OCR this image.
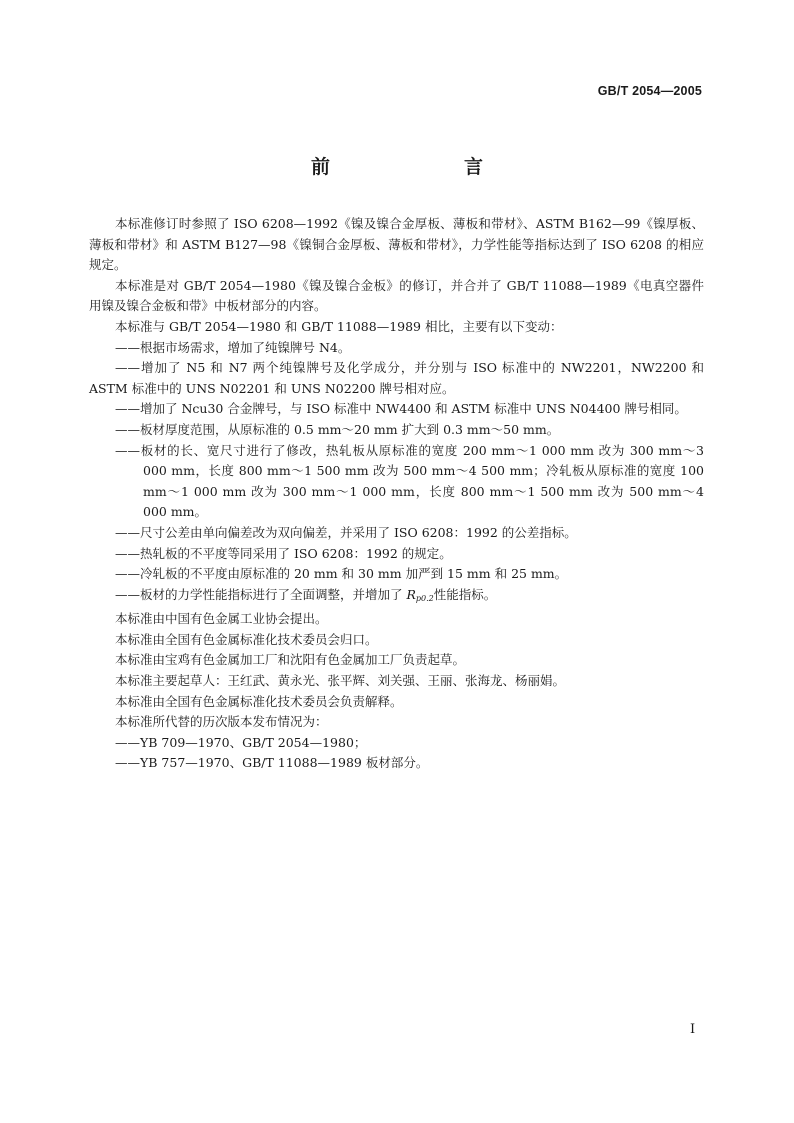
GB/T 2054—2005
前　　言

本标准修订时参照了 ISO 6208—1992《镍及镍合金厚板、薄板和带材》、ASTM B162—99《镍厚板、薄板和带材》和 ASTM B127—98《镍铜合金厚板、薄板和带材》，力学性能等指标达到了 ISO 6208 的相应规定。

本标准是对 GB/T 2054—1980《镍及镍合金板》的修订，并合并了 GB/T 11088—1989《电真空器件用镍及镍合金板和带》中板材部分的内容。

本标准与 GB/T 2054—1980 和 GB/T 11088—1989 相比，主要有以下变动：

——根据市场需求，增加了纯镍牌号 N4。

——增加了 N5 和 N7 两个纯镍牌号及化学成分，并分别与 ISO 标准中的 NW2201，NW2200 和 ASTM 标准中的 UNS N02201 和 UNS N02200 牌号相对应。

——增加了 Ncu30 合金牌号，与 ISO 标准中 NW4400 和 ASTM 标准中 UNS N04400 牌号相同。

——板材厚度范围，从原标准的 0.5 mm～20 mm 扩大到 0.3 mm～50 mm。

——板材的长、宽尺寸进行了修改，热轧板从原标准的宽度 200 mm～1 000 mm 改为 300 mm～3 000 mm，长度 800 mm～1 500 mm 改为 500 mm～4 500 mm；冷轧板从原标准的宽度 100 mm～1 000 mm 改为 300 mm～1 000 mm，长度 800 mm～1 500 mm 改为 500 mm～4 000 mm。

——尺寸公差由单向偏差改为双向偏差，并采用了 ISO 6208：1992 的公差指标。

——热轧板的不平度等同采用了 ISO 6208：1992 的规定。

——冷轧板的不平度由原标准的 20 mm 和 30 mm 加严到 15 mm 和 25 mm。

——板材的力学性能指标进行了全面调整，并增加了 $R_{p0.2}$性能指标。

本标准由中国有色金属工业协会提出。

本标准由全国有色金属标准化技术委员会归口。

本标准由宝鸡有色金属加工厂和沈阳有色金属加工厂负责起草。

本标准主要起草人：王红武、黄永光、张平辉、刘关强、王丽、张海龙、杨丽娟。

本标准由全国有色金属标准化技术委员会负责解释。

本标准所代替的历次版本发布情况为：

——YB 709—1970、GB/T 2054—1980；

——YB 757—1970、GB/T 11088—1989 板材部分。

I
